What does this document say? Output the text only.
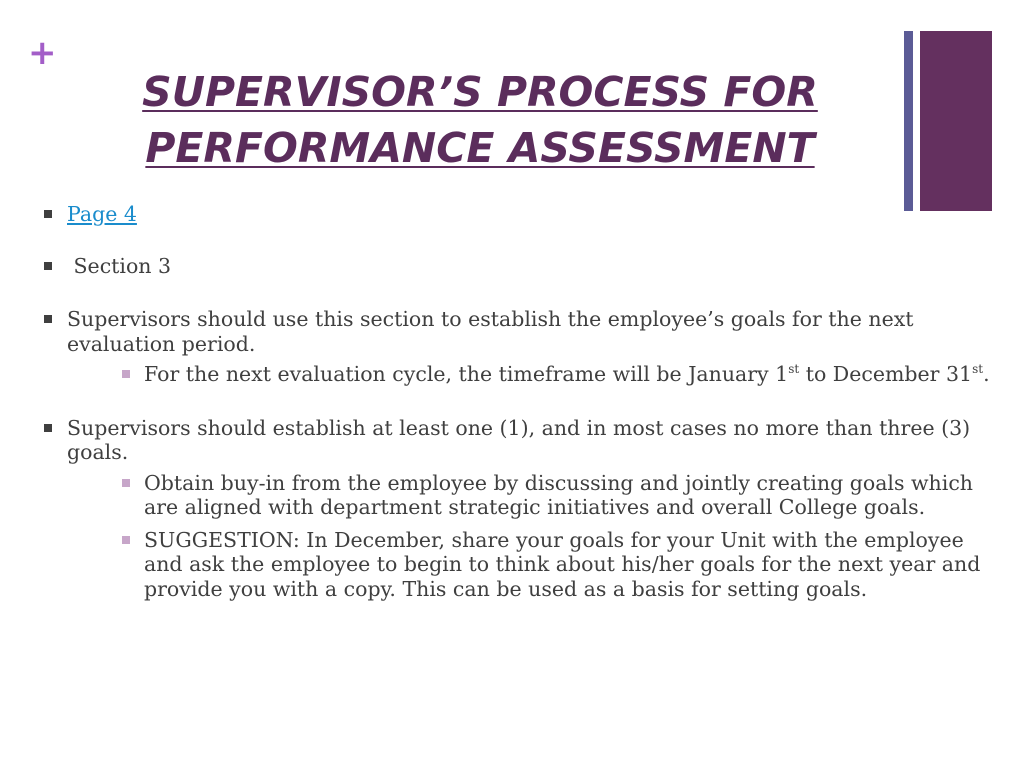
+
SUPERVISOR’S PROCESS FOR PERFORMANCE ASSESSMENT
Page 4
Section 3
Supervisors should use this section to establish the employee’s goals for the next evaluation period.
For the next evaluation cycle, the timeframe will be January 1st to December 31st.
Supervisors should establish at least one (1), and in most cases no more than three (3) goals.
Obtain buy-in from the employee by discussing and jointly creating goals which are aligned with department strategic initiatives and overall College goals.
SUGGESTION: In December, share your goals for your Unit with the employee and ask the employee to begin to think about his/her goals for the next year and provide you with a copy. This can be used as a basis for setting goals.
